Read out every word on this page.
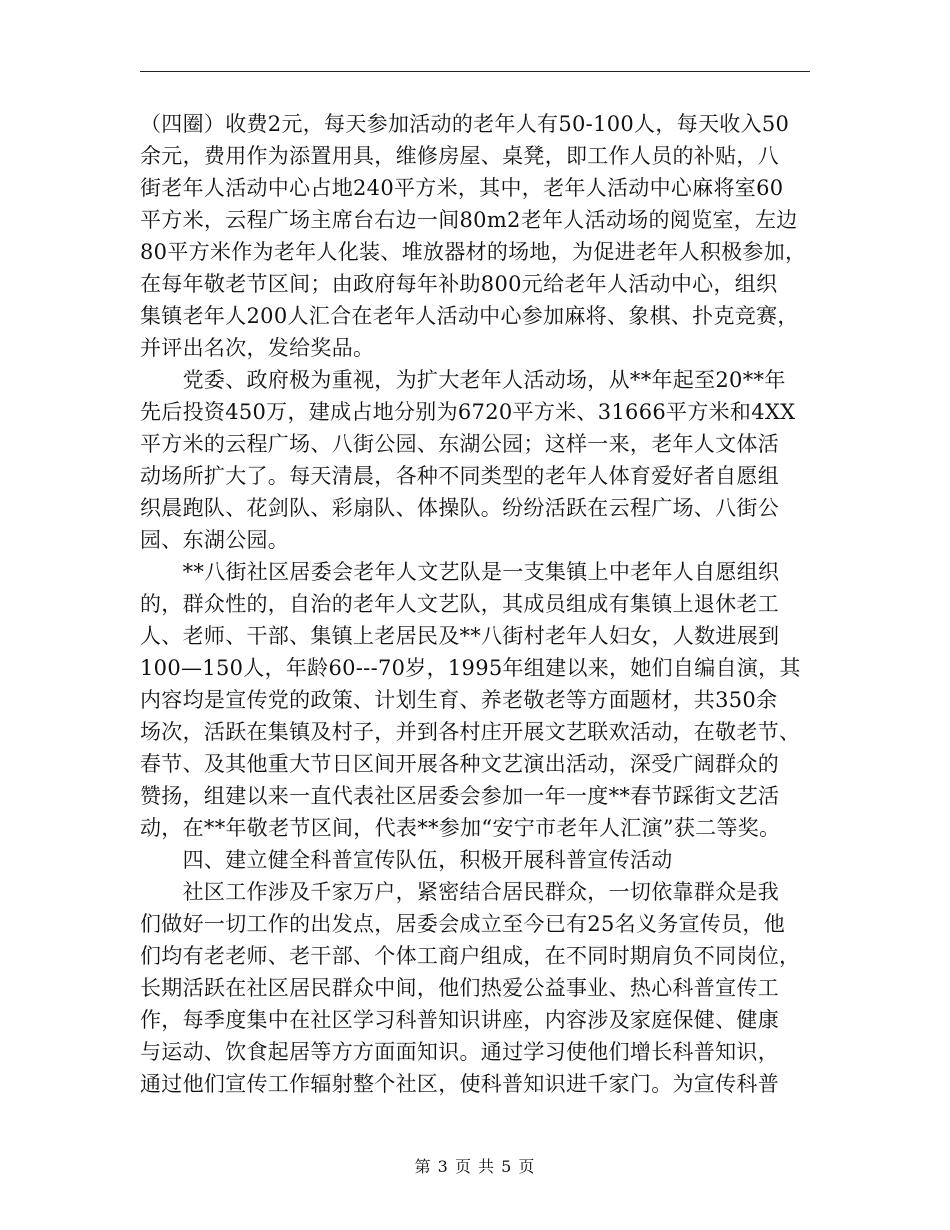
（四圈）收费2元，每天参加活动的老年人有50-100人，每天收入50
余元，费用作为添置用具，维修房屋、桌凳，即工作人员的补贴，八
街老年人活动中心占地240平方米，其中，老年人活动中心麻将室60
平方米，云程广场主席台右边一间80m2老年人活动场的阅览室，左边
80平方米作为老年人化装、堆放器材的场地，为促进老年人积极参加，
在每年敬老节区间；由政府每年补助800元给老年人活动中心，组织
集镇老年人200人汇合在老年人活动中心参加麻将、象棋、扑克竞赛，
并评出名次，发给奖品。
　　党委、政府极为重视，为扩大老年人活动场，从**年起至20**年
先后投资450万，建成占地分别为6720平方米、31666平方米和4XX
平方米的云程广场、八街公园、东湖公园；这样一来，老年人文体活
动场所扩大了。每天清晨，各种不同类型的老年人体育爱好者自愿组
织晨跑队、花剑队、彩扇队、体操队。纷纷活跃在云程广场、八街公
园、东湖公园。
　　**八街社区居委会老年人文艺队是一支集镇上中老年人自愿组织
的，群众性的，自治的老年人文艺队，其成员组成有集镇上退休老工
人、老师、干部、集镇上老居民及**八街村老年人妇女，人数进展到
100—150人，年龄60---70岁，1995年组建以来，她们自编自演，其
内容均是宣传党的政策、计划生育、养老敬老等方面题材，共350余
场次，活跃在集镇及村子，并到各村庄开展文艺联欢活动，在敬老节、
春节、及其他重大节日区间开展各种文艺演出活动，深受广阔群众的
赞扬，组建以来一直代表社区居委会参加一年一度**春节踩街文艺活
动，在**年敬老节区间，代表**参加“安宁市老年人汇演”获二等奖。
　　四、建立健全科普宣传队伍，积极开展科普宣传活动
　　社区工作涉及千家万户，紧密结合居民群众，一切依靠群众是我
们做好一切工作的出发点，居委会成立至今已有25名义务宣传员，他
们均有老老师、老干部、个体工商户组成，在不同时期肩负不同岗位，
长期活跃在社区居民群众中间，他们热爱公益事业、热心科普宣传工
作，每季度集中在社区学习科普知识讲座，内容涉及家庭保健、健康
与运动、饮食起居等方方面面知识。通过学习使他们增长科普知识，
通过他们宣传工作辐射整个社区，使科普知识进千家门。为宣传科普
第 3 页 共 5 页
